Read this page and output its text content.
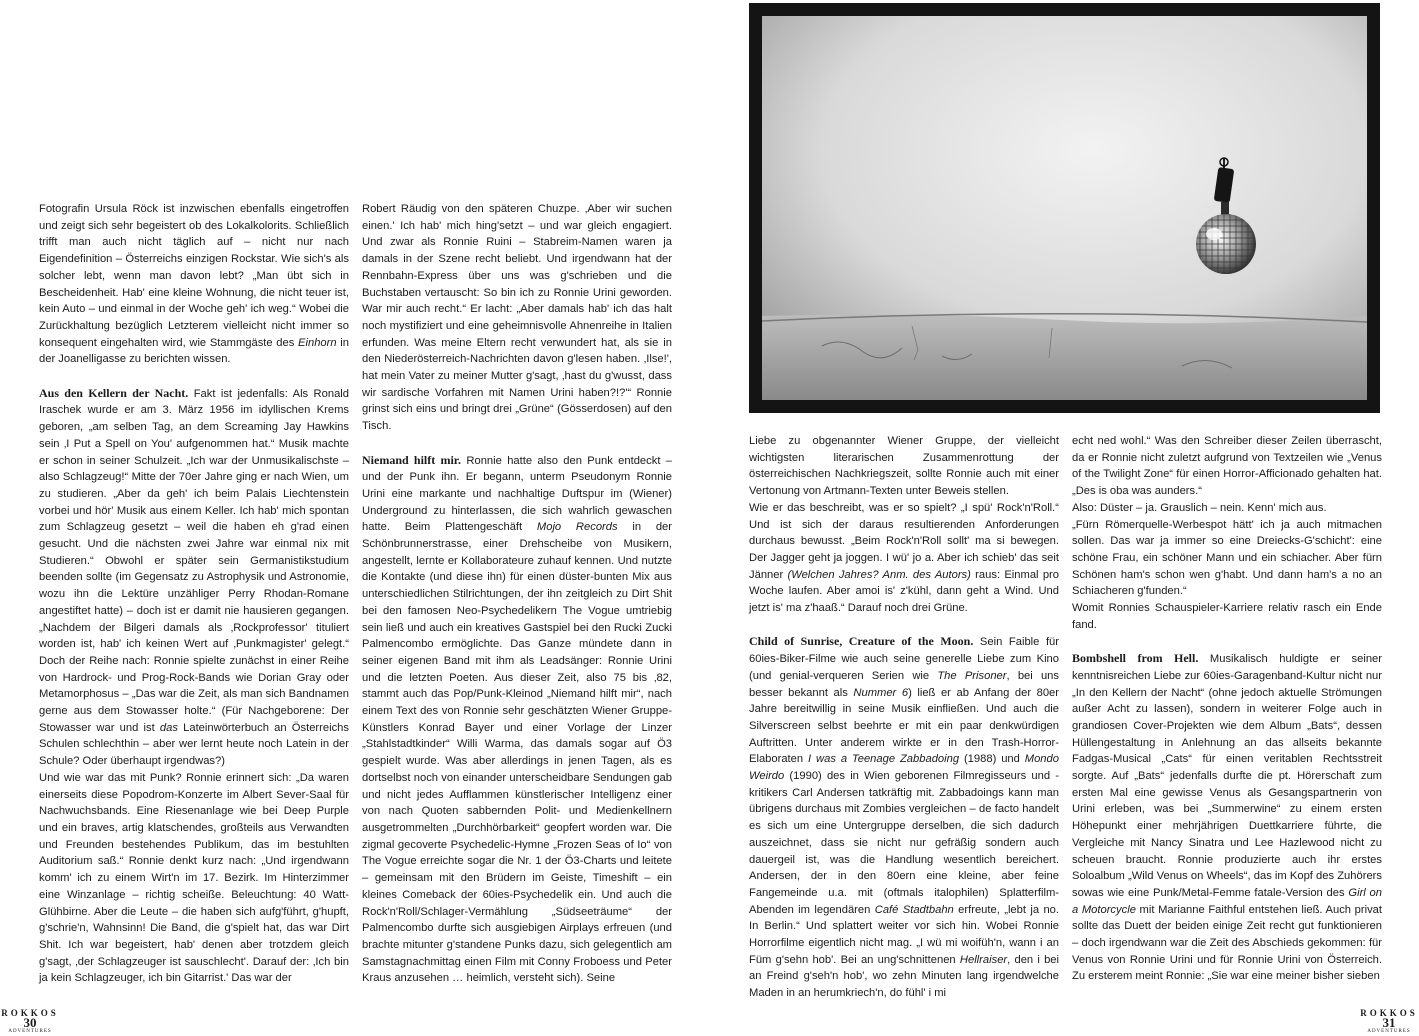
Fotografin Ursula Röck ist inzwischen ebenfalls eingetroffen und zeigt sich sehr begeistert ob des Lokalkolorits. Schließlich trifft man auch nicht täglich auf – nicht nur nach Eigendefinition – Österreichs einzigen Rockstar. Wie sich's als solcher lebt, wenn man davon lebt? „Man übt sich in Bescheidenheit. Hab' eine kleine Wohnung, die nicht teuer ist, kein Auto – und einmal in der Woche geh' ich weg.“ Wobei die Zurückhaltung bezüglich Letzterem vielleicht nicht immer so konsequent eingehalten wird, wie Stammgäste des Einhorn in der Joanelligasse zu berichten wissen.

Aus den Kellern der Nacht. Fakt ist jedenfalls: Als Ronald Iraschek wurde er am 3. März 1956 im idyllischen Krems geboren, „am selben Tag, an dem Screaming Jay Hawkins sein ‚I Put a Spell on You' aufgenommen hat.“ Musik machte er schon in seiner Schulzeit. „Ich war der Unmusikalischste – also Schlagzeug!“ Mitte der 70er Jahre ging er nach Wien, um zu studieren. „Aber da geh' ich beim Palais Liechtenstein vorbei und hör' Musik aus einem Keller. Ich hab' mich spontan zum Schlagzeug gesetzt – weil die haben eh g'rad einen gesucht. Und die nächsten zwei Jahre war einmal nix mit Studieren.“ Obwohl er später sein Germanistikstudium beenden sollte (im Gegensatz zu Astrophysik und Astronomie, wozu ihn die Lektüre unzähliger Perry Rhodan-Romane angestiftet hatte) – doch ist er damit nie hausieren gegangen. „Nachdem der Bilgeri damals als ‚Rockprofessor' tituliert worden ist, hab' ich keinen Wert auf ‚Punkmagister' gelegt.“ Doch der Reihe nach: Ronnie spielte zunächst in einer Reihe von Hardrock- und Prog-Rock-Bands wie Dorian Gray oder Metamorphosus – „Das war die Zeit, als man sich Bandnamen gerne aus dem Stowasser holte.“ (Für Nachgeborene: Der Stowasser war und ist das Lateinwörterbuch an Österreichs Schulen schlechthin – aber wer lernt heute noch Latein in der Schule? Oder überhaupt irgendwas?)

Und wie war das mit Punk? Ronnie erinnert sich: „Da waren einerseits diese Popodrom-Konzerte im Albert Sever-Saal für Nachwuchsbands. Eine Riesenanlage wie bei Deep Purple und ein braves, artig klatschendes, großteils aus Verwandten und Freunden bestehendes Publikum, das im bestuhlten Auditorium saß.“ Ronnie denkt kurz nach: „Und irgendwann komm' ich zu einem Wirt'n im 17. Bezirk. Im Hinterzimmer eine Winzanlage – richtig scheiße. Beleuchtung: 40 Watt-Glühbirne. Aber die Leute – die haben sich aufg'führt, g'hupft, g'schrie'n, Wahnsinn! Die Band, die g'spielt hat, das war Dirt Shit. Ich war begeistert, hab' denen aber trotzdem gleich g'sagt, ‚der Schlagzeuger ist sauschlecht'. Darauf der: ‚Ich bin ja kein Schlagzeuger, ich bin Gitarrist.' Das war der

Robert Räudig von den späteren Chuzpe. ‚Aber wir suchen einen.' Ich hab' mich hing'setzt – und war gleich engagiert. Und zwar als Ronnie Ruini – Stabreim-Namen waren ja damals in der Szene recht beliebt. Und irgendwann hat der Rennbahn-Express über uns was g'schrieben und die Buchstaben vertauscht: So bin ich zu Ronnie Urini geworden. War mir auch recht.“ Er lacht: „Aber damals hab' ich das halt noch mystifiziert und eine geheimnisvolle Ahnenreihe in Italien erfunden. Was meine Eltern recht verwundert hat, als sie in den Niederösterreich-Nachrichten davon g'lesen haben. ‚Ilse!', hat mein Vater zu meiner Mutter g'sagt, ‚hast du g'wusst, dass wir sardische Vorfahren mit Namen Urini haben?!?'“ Ronnie grinst sich eins und bringt drei „Grüne“ (Gösserdosen) auf den Tisch.

Niemand hilft mir. Ronnie hatte also den Punk entdeckt – und der Punk ihn. Er begann, unterm Pseudonym Ronnie Urini eine markante und nachhaltige Duftspur im (Wiener) Underground zu hinterlassen, die sich wahrlich gewaschen hatte. Beim Plattengeschäft Mojo Records in der Schönbrunnerstrasse, einer Drehscheibe von Musikern, angestellt, lernte er Kollaborateure zuhauf kennen. Und nutzte die Kontakte (und diese ihn) für einen düster-bunten Mix aus unterschiedlichen Stilrichtungen, der ihn zeitgleich zu Dirt Shit bei den famosen Neo-Psychedelikern The Vogue umtriebig sein ließ und auch ein kreatives Gastspiel bei den Rucki Zucki Palmencombo ermöglichte. Das Ganze mündete dann in seiner eigenen Band mit ihm als Leadsänger: Ronnie Urini und die letzten Poeten. Aus dieser Zeit, also 75 bis ‚82, stammt auch das Pop/Punk-Kleinod „Niemand hilft mir“, nach einem Text des von Ronnie sehr geschätzten Wiener Gruppe-Künstlers Konrad Bayer und einer Vorlage der Linzer „Stahlstadtkinder“ Willi Warma, das damals sogar auf Ö3 gespielt wurde. Was aber allerdings in jenen Tagen, als es dortselbst noch von einander unterscheidbare Sendungen gab und nicht jedes Aufflammen künstlerischer Intelligenz einer von nach Quoten sabbernden Polit- und Medienkellnern ausgetrommelten „Durchhörbarkeit“ geopfert worden war. Die zigmal gecoverte Psychedelic-Hymne „Frozen Seas of Io“ von The Vogue erreichte sogar die Nr. 1 der Ö3-Charts und leitete – gemeinsam mit den Brüdern im Geiste, Timeshift – ein kleines Comeback der 60ies-Psychedelik ein. Und auch die Rock'n'Roll/Schlager-Vermählung „Südseeträume“ der Palmencombo durfte sich ausgiebigen Airplays erfreuen (und brachte mitunter g'standene Punks dazu, sich gelegentlich am Samstagnachmittag einen Film mit Conny Froboess und Peter Kraus anzusehen … heimlich, versteht sich). Seine

Liebe zu obgenannter Wiener Gruppe, der vielleicht wichtigsten literarischen Zusammenrottung der österreichischen Nachkriegszeit, sollte Ronnie auch mit einer Vertonung von Artmann-Texten unter Beweis stellen.

Wie er das beschreibt, was er so spielt? „I spü' Rock'n'Roll.“ Und ist sich der daraus resultierenden Anforderungen durchaus bewusst. „Beim Rock'n'Roll sollt' ma si bewegen. Der Jagger geht ja joggen. I wü' jo a. Aber ich schieb' das seit Jänner (Welchen Jahres? Anm. des Autors) raus: Einmal pro Woche laufen. Aber amoi is' z'kühl, dann geht a Wind. Und jetzt is' ma z'haaß.“ Darauf noch drei Grüne.

Child of Sunrise, Creature of the Moon. Sein Faible für 60ies-Biker-Filme wie auch seine generelle Liebe zum Kino (und genial-verqueren Serien wie The Prisoner, bei uns besser bekannt als Nummer 6) ließ er ab Anfang der 80er Jahre bereitwillig in seine Musik einfließen. Und auch die Silverscreen selbst beehrte er mit ein paar denkwürdigen Auftritten. Unter anderem wirkte er in den Trash-Horror- Elaboraten I was a Teenage Zabbadoing (1988) und Mondo Weirdo (1990) des in Wien geborenen Filmregisseurs und -kritikers Carl Andersen tatkräftig mit. Zabbadoings kann man übrigens durchaus mit Zombies vergleichen – de facto handelt es sich um eine Untergruppe derselben, die sich dadurch auszeichnet, dass sie nicht nur gefräßig sondern auch dauergeil ist, was die Handlung wesentlich bereichert. Andersen, der in den 80ern eine kleine, aber feine Fangemeinde u.a. mit (oftmals italophilen) Splatterfilm-Abenden im legendären Café Stadtbahn erfreute, „lebt ja no. In Berlin.“ Und splattert weiter vor sich hin. Wobei Ronnie Horrorfilme eigentlich nicht mag. „I wü mi woifüh'n, wann i an Füm g'sehn hob'. Bei an ung'schnittenen Hellraiser, den i bei an Freind g'seh'n hob', wo zehn Minuten lang irgendwelche Maden in an herumkriech'n, do fühl' i mi

echt ned wohl.“ Was den Schreiber dieser Zeilen überrascht, da er Ronnie nicht zuletzt aufgrund von Textzeilen wie „Venus of the Twilight Zone“ für einen Horror-Afficionado gehalten hat. „Des is oba was aunders.“

Also: Düster – ja. Grauslich – nein. Kenn' mich aus.

„Fürn Römerquelle-Werbespot hätt' ich ja auch mitmachen sollen. Das war ja immer so eine Dreiecks-G'schicht': eine schöne Frau, ein schöner Mann und ein schiacher. Aber fürn Schönen ham's schon wen g'habt. Und dann ham's a no an Schiacheren g'funden.“

Womit Ronnies Schauspieler-Karriere relativ rasch ein Ende fand.

Bombshell from Hell. Musikalisch huldigte er seiner kenntnisreichen Liebe zur 60ies-Garagenband-Kultur nicht nur „In den Kellern der Nacht“ (ohne jedoch aktuelle Strömungen außer Acht zu lassen), sondern in weiterer Folge auch in grandiosen Cover-Projekten wie dem Album „Bats“, dessen Hüllengestaltung in Anlehnung an das allseits bekannte Fadgas-Musical „Cats“ für einen veritablen Rechtsstreit sorgte. Auf „Bats“ jedenfalls durfte die pt. Hörerschaft zum ersten Mal eine gewisse Venus als Gesangspartnerin von Urini erleben, was bei „Summerwine“ zu einem ersten Höhepunkt einer mehrjährigen Duettkarriere führte, die Vergleiche mit Nancy Sinatra und Lee Hazlewood nicht zu scheuen braucht. Ronnie produzierte auch ihr erstes Soloalbum „Wild Venus on Wheels“, das im Kopf des Zuhörers sowas wie eine Punk/Metal-Femme fatale-Version des Girl on a Motorcycle mit Marianne Faithful entstehen ließ. Auch privat sollte das Duett der beiden einige Zeit recht gut funktionieren – doch irgendwann war die Zeit des Abschieds gekommen: für Venus von Ronnie Urini und für Ronnie Urini von Österreich. Zu ersterem meint Ronnie: „Sie war eine meiner bisher sieben

ROKKOS
30
ADVENTURES
ROKKOS
31
ADVENTURES
